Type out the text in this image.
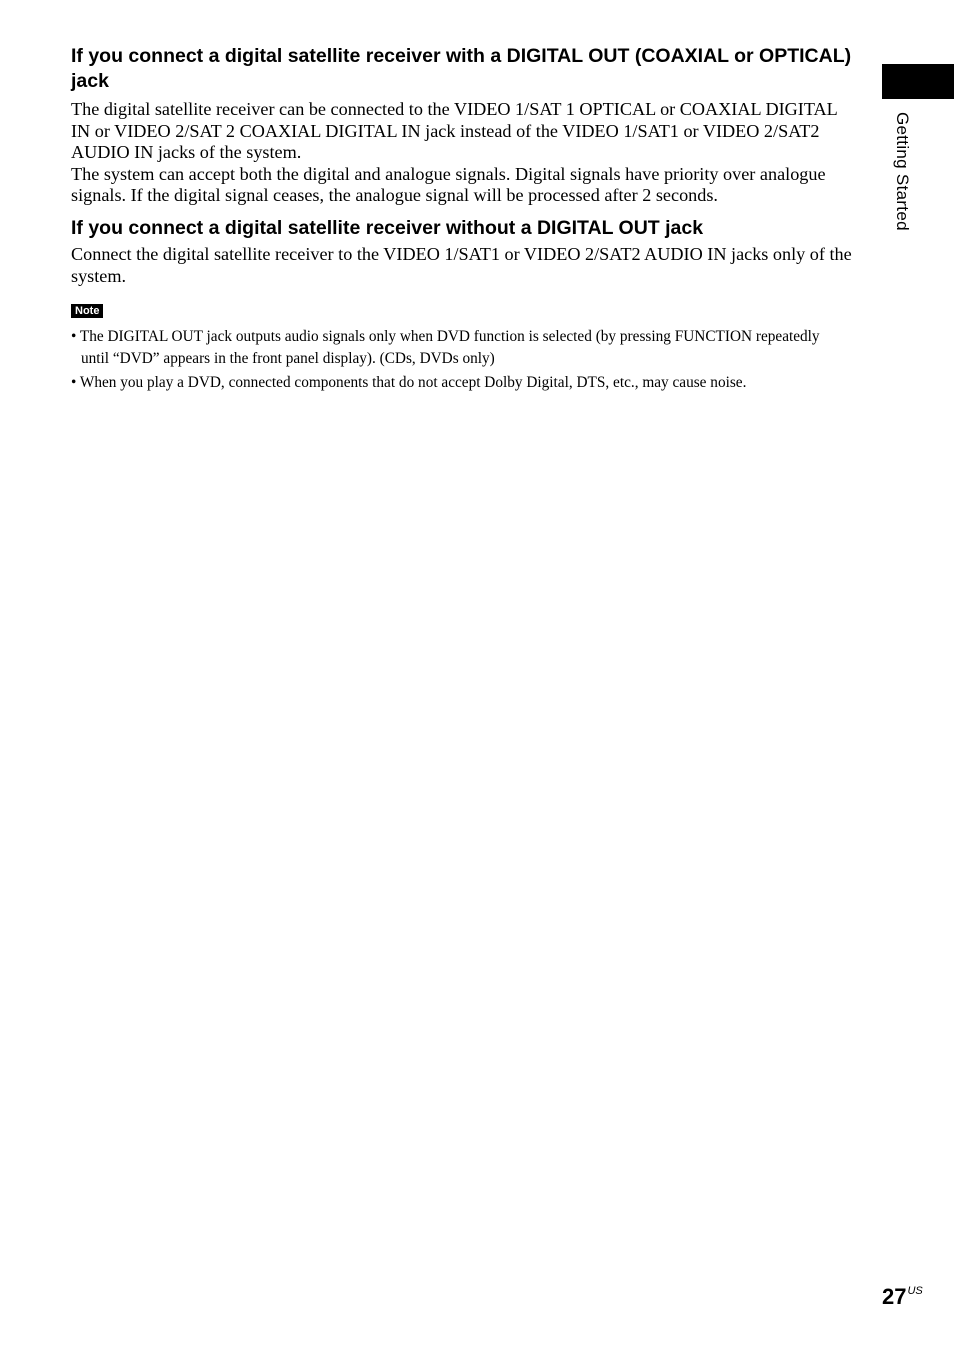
If you connect a digital satellite receiver with a DIGITAL OUT (COAXIAL or OPTICAL) jack

The digital satellite receiver can be connected to the VIDEO 1/SAT 1 OPTICAL or COAXIAL DIGITAL IN or VIDEO 2/SAT 2 COAXIAL DIGITAL IN jack instead of the VIDEO 1/SAT1 or VIDEO 2/SAT2 AUDIO IN jacks of the system.

The system can accept both the digital and analogue signals. Digital signals have priority over analogue signals. If the digital signal ceases, the analogue signal will be processed after 2 seconds.

If you connect a digital satellite receiver without a DIGITAL OUT jack

Connect the digital satellite receiver to the VIDEO 1/SAT1 or VIDEO 2/SAT2 AUDIO IN jacks only of the system.

Note
• The DIGITAL OUT jack outputs audio signals only when DVD function is selected (by pressing FUNCTION repeatedly until “DVD” appears in the front panel display). (CDs, DVDs only)
• When you play a DVD, connected components that do not accept Dolby Digital, DTS, etc., may cause noise.
Getting Started
$27^{US}$
